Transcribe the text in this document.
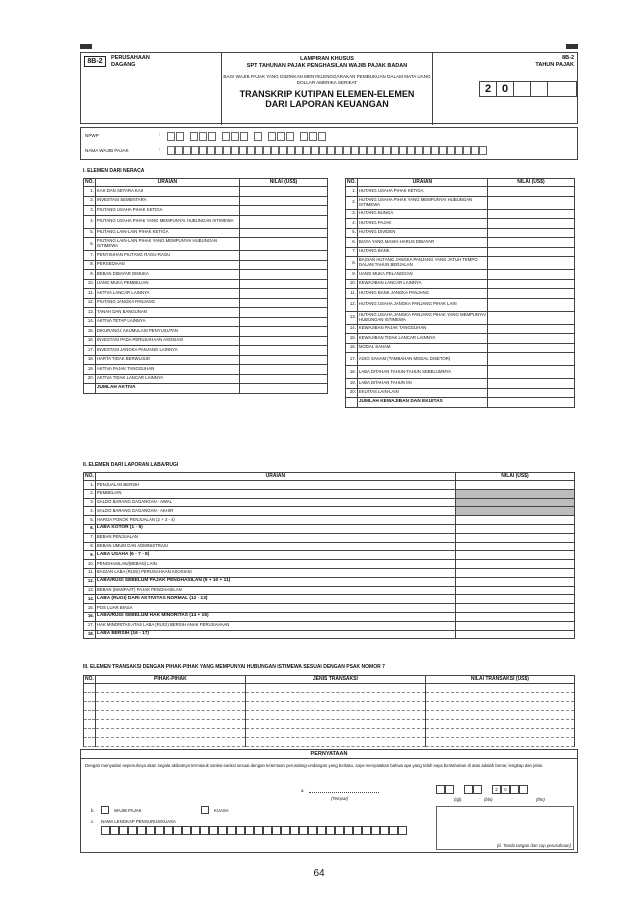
8B-2	PERUSAHAAN
DAGANG
LAMPIRAN KHUSUS
SPT TAHUNAN PAJAK PENGHASILAN WAJIB PAJAK BADAN
BAGI WAJIB PAJAK YANG DIIZINKAN MENYELENGGARAKAN PEMBUKUAN DALAM MATA UANG DOLLAR AMERIKA SERIKAT
TRANSKRIP KUTIPAN ELEMEN-ELEMEN
DARI LAPORAN KEUANGAN
8B-2
TAHUN PAJAK
2 0
NPWP	:
NAMA WAJIB PAJAK	:
I. ELEMEN DARI NERACA
NO.	URAIAN	NILAI (US$)
1.	KAS DAN SETARA KAS	
2.	INVESTASI SEMENTARA	
3.	PIUTANG USAHA PIHAK KETIGA	
4.	PIUTANG USAHA PIHAK YANG MEMPUNYAI HUBUNGAN ISTIMEWA	
5.	PIUTANG LAIN-LAIN PIHAK KETIGA	
6.	PIUTANG LAIN-LAIN PIHAK YANG MEMPUNYAI HUBUNGAN ISTIMEWA	
7.	PENYISIHAN PIUTANG RAGU-RAGU	
8.	PERSEDIAAN	
9.	BEBAN DIBAYAR DIMUKA	
10.	UANG MUKA PEMBELIAN	
11.	AKTIVA LANCAR LAINNYA	
12.	PIUTANG JANGKA PANJANG	
13.	TANAH DAN BANGUNAN	
14.	AKTIVA TETAP LAINNYA	
15.	DIKURANGI: AKUMULASI PENYUSUTAN	
16.	INVESTASI PADA PERUSAHAAN ASOSIASI	
17.	INVESTASI JANGKA PANJANG LAINNYA	
18.	HARTA TIDAK BERWUJUD	
19.	AKTIVA PAJAK TANGGUHAN	
20.	AKTIVA TIDAK LANCAR LAINNYA	
	JUMLAH AKTIVA	
NO.	URAIAN	NILAI (US$)
1.	HUTANG USAHA PIHAK KETIGA	
2.	HUTANG USAHA PIHAK YANG MEMPUNYAI HUBUNGAN ISTIMEWA	
3.	HUTANG BUNGA	
4.	HUTANG PAJAK	
5.	HUTANG DIVIDEN	
6.	BIAYA YANG MASIH HARUS DIBAYAR	
7.	HUTANG BANK	
8.	BAGIAN HUTANG JANGKA PANJANG YANG JATUH TEMPO DALAM TAHUN BERJALAN	
9.	UANG MUKA PELANGGAN	
10.	KEWAJIBAN LANCAR LAINNYA	
11.	HUTANG BANK JANGKA PANJANG	
12.	HUTANG USAHA JANGKA PANJANG PIHAK LAIN	
13.	HUTANG USAHA JANGKA PANJANG PIHAK YANG MEMPUNYAI HUBUNGAN ISTIMEWA	
14.	KEWAJIBAN PAJAK TANGGUHAN	
15.	KEWAJIBAN TIDAK LANCAR LAINNYA	
16.	MODAL SAHAM	
17.	AGIO SAHAM (TAMBAHAN MODAL DISETOR)	
18.	LABA DITAHAN TAHUN-TAHUN SEBELUMNYA	
19.	LABA DITAHAN TAHUN INI	
20.	EKUITAS LAIN-LAIN	
	JUMLAH KEWAJIBAN DAN EKUITAS	
II. ELEMEN DARI LAPORAN LABA/RUGI
NO.	URAIAN	NILAI (US$)
1.	PENJUALAN BERSIH	
2.	PEMBELIAN	
3.	SALDO BARANG DAGANGAN - AWAL	
4.	SALDO BARANG DAGANGAN - AKHIR	
5.	HARGA POKOK PENJUALAN (2 + 3 - 4)	
6.	LABA KOTOR (1 - 5)	
7.	BEBAN PENJUALAN	
8.	BEBAN UMUM DAN ADMINISTRASI	
9.	LABA USAHA (6 - 7 - 8)	
10.	PENGHASILAN/(BEBAN) LAIN	
11.	BAGIAN LABA (RUGI) PERUSAHAAN ASOSIASI	
12.	LABA/RUGI SEBELUM PAJAK PENGHASILAN (9 + 10 + 11)	
13.	BEBAN (MANFAAT) PAJAK PENGHASILAN	
14.	LABA (RUGI) DARI AKTIVITAS NORMAL (12 - 13)	
15.	POS LUAR BIASA	
16.	LABA/RUGI SEBELUM HAK MINORITAS (14 + 15)	
17.	HAK MINORITAS ATAS LABA (RUGI) BERSIH ANAK PERUSAHAAN	
18.	LABA BERSIH (16 - 17)	
III. ELEMEN TRANSAKSI DENGAN PIHAK-PIHAK YANG MEMPUNYAI HUBUNGAN ISTIMEWA SESUAI DENGAN PSAK NOMOR 7
NO.	PIHAK-PIHAK	JENIS TRANSAKSI	NILAI TRANSAKSI (US$)

PERNYATAAN
Dengan menyadari sepenuhnya akan segala akibatnya termasuk sanksi-sanksi sesuai dengan ketentuan perundang-undangan yang berlaku, saya menyatakan bahwa apa yang telah saya beritahukan di atas adalah benar, lengkap dan jelas.
a.
(Tempat)
2	0
(tgl)	(bln)	(thn)
b.	WAJIB PAJAK	KUASA
c. NAMA LENGKAP PENGURUS/KUASA
(d. Tanda tangan dan cap perusahaan)
64
